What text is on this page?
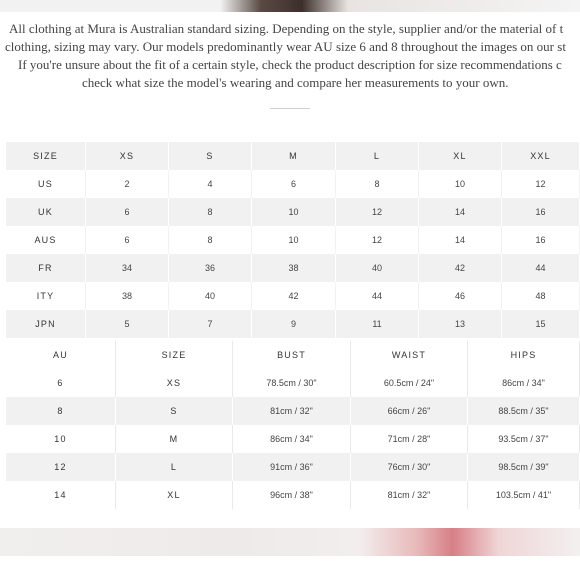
All clothing at Mura is Australian standard sizing. Depending on the style, supplier and/or the material of t
clothing, sizing may vary. Our models predominantly wear AU size 6 and 8 throughout the images on our st
If you're unsure about the fit of a certain style, check the product description for size recommendations c
check what size the model's wearing and compare her measurements to your own.
SIZE	XS	S	M	L	XL	XXL
US	2	4	6	8	10	12
UK	6	8	10	12	14	16
AUS	6	8	10	12	14	16
FR	34	36	38	40	42	44
ITY	38	40	42	44	46	48
JPN	5	7	9	11	13	15
AU	SIZE	BUST	WAIST	HIPS
6	XS	78.5cm / 30"	60.5cm / 24"	86cm / 34"
8	S	81cm / 32"	66cm / 26"	88.5cm / 35"
10	M	86cm / 34"	71cm / 28"	93.5cm / 37"
12	L	91cm / 36"	76cm / 30"	98.5cm / 39"
14	XL	96cm / 38"	81cm / 32"	103.5cm / 41"
